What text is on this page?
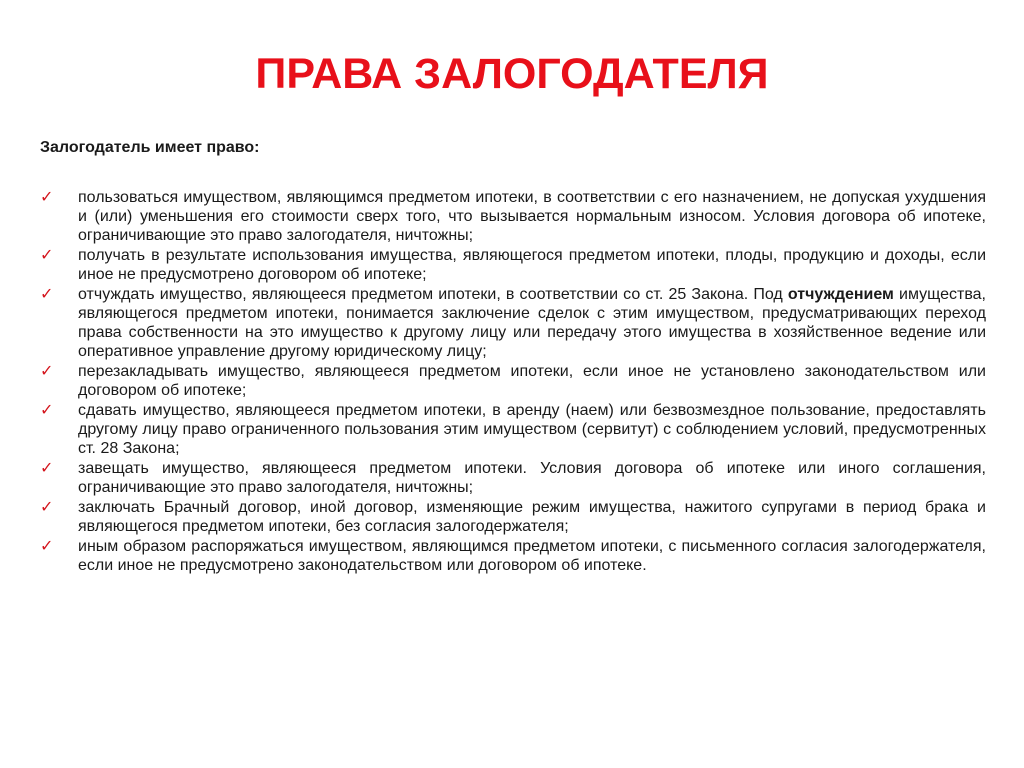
ПРАВА ЗАЛОГОДАТЕЛЯ

Залогодатель имеет право:

✓	пользоваться имуществом, являющимся предметом ипотеки, в соответствии с его назначением, не допуская ухудшения и (или) уменьшения его стоимости сверх того, что вызывается нормальным износом. Условия договора об ипотеке, ограничивающие это право залогодателя, ничтожны;
✓	получать в результате использования имущества, являющегося предметом ипотеки, плоды, продукцию и доходы, если иное не предусмотрено договором об ипотеке;
✓	отчуждать имущество, являющееся предметом ипотеки, в соответствии со ст. 25 Закона. Под отчуждением имущества, являющегося предметом ипотеки, понимается заключение сделок с этим имуществом, предусматривающих переход права собственности на это имущество к другому лицу или передачу этого имущества в хозяйственное ведение или оперативное управление другому юридическому лицу;
✓	перезакладывать имущество, являющееся предметом ипотеки, если иное не установлено законодательством или договором об ипотеке;
✓	сдавать имущество, являющееся предметом ипотеки, в аренду (наем) или безвозмездное пользование, предоставлять другому лицу право ограниченного пользования этим имуществом (сервитут) с соблюдением условий, предусмотренных ст. 28 Закона;
✓	завещать имущество, являющееся предметом ипотеки. Условия договора об ипотеке или иного соглашения, ограничивающие это право залогодателя, ничтожны;
✓	заключать Брачный договор, иной договор, изменяющие режим имущества, нажитого супругами в период брака и являющегося предметом ипотеки, без согласия залогодержателя;
✓	иным образом распоряжаться имуществом, являющимся предметом ипотеки, с письменного согласия залогодержателя, если иное не предусмотрено законодательством или договором об ипотеке.
